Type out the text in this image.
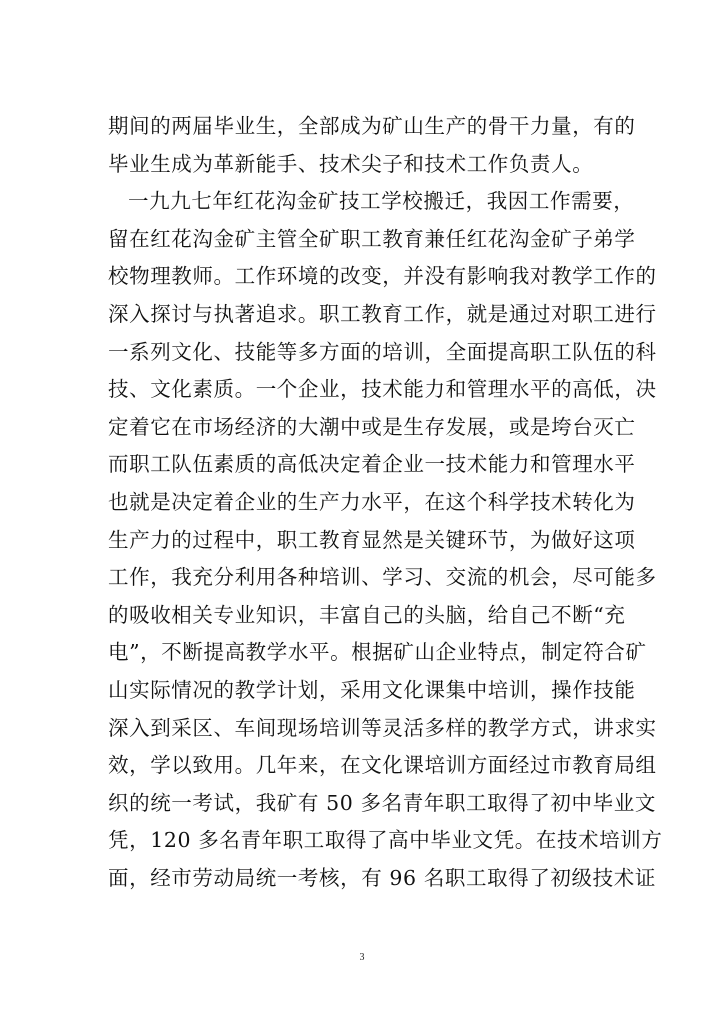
期间的两届毕业生，全部成为矿山生产的骨干力量，有的
毕业生成为革新能手、技术尖子和技术工作负责人。
一九九七年红花沟金矿技工学校搬迁，我因工作需要，
留在红花沟金矿主管全矿职工教育兼任红花沟金矿子弟学
校物理教师。工作环境的改变，并没有影响我对教学工作的
深入探讨与执著追求。职工教育工作，就是通过对职工进行
一系列文化、技能等多方面的培训，全面提高职工队伍的科
技、文化素质。一个企业，技术能力和管理水平的高低，决
定着它在市场经济的大潮中或是生存发展，或是垮台灭亡
而职工队伍素质的高低决定着企业一技术能力和管理水平
也就是决定着企业的生产力水平，在这个科学技术转化为
生产力的过程中，职工教育显然是关键环节，为做好这项
工作，我充分利用各种培训、学习、交流的机会，尽可能多
的吸收相关专业知识，丰富自己的头脑，给自己不断“充
电”，不断提高教学水平。根据矿山企业特点，制定符合矿
山实际情况的教学计划，采用文化课集中培训，操作技能
深入到采区、车间现场培训等灵活多样的教学方式，讲求实
效，学以致用。几年来，在文化课培训方面经过市教育局组
织的统一考试，我矿有 50 多名青年职工取得了初中毕业文
凭，120 多名青年职工取得了高中毕业文凭。在技术培训方
面，经市劳动局统一考核，有 96 名职工取得了初级技术证
3
